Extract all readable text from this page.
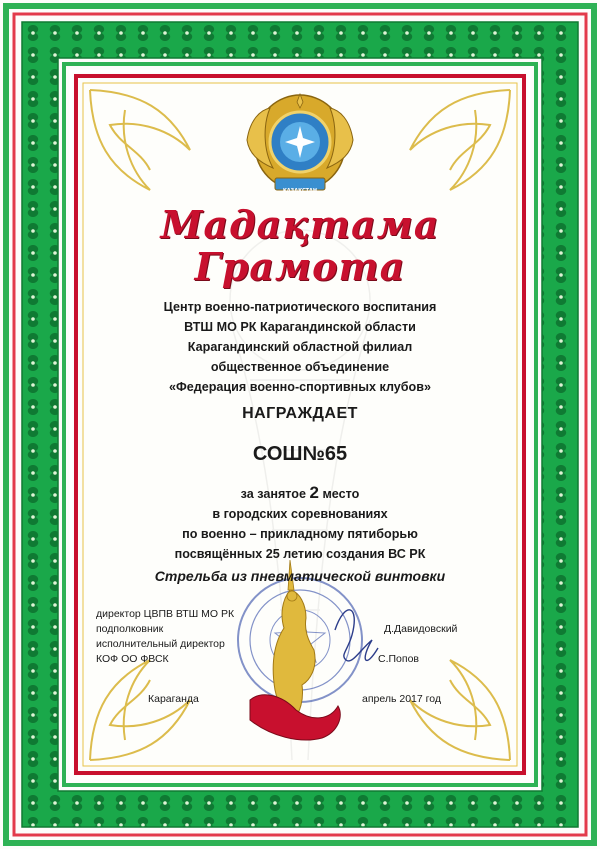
ҚАЗАҚСТАН
Мадақтама
Грамота
Центр военно-патриотического воспитания
ВТШ МО РК Карагандинской области
Карагандинский областной филиал
общественное объединение
«Федерация военно-спортивных клубов»
НАГРАЖДАЕТ
СОШ№65
за занятое 2 место
в городских соревнованиях
по военно – прикладному пятиборью
посвящённых 25 летию создания ВС РК
Стрельба из пневматической винтовки
директор ЦВПВ ВТШ МО РК
подполковник
исполнительный директор
КОФ ОО ФВСК
Д.Давидовский
С.Попов
Караганда	апрель 2017 год
